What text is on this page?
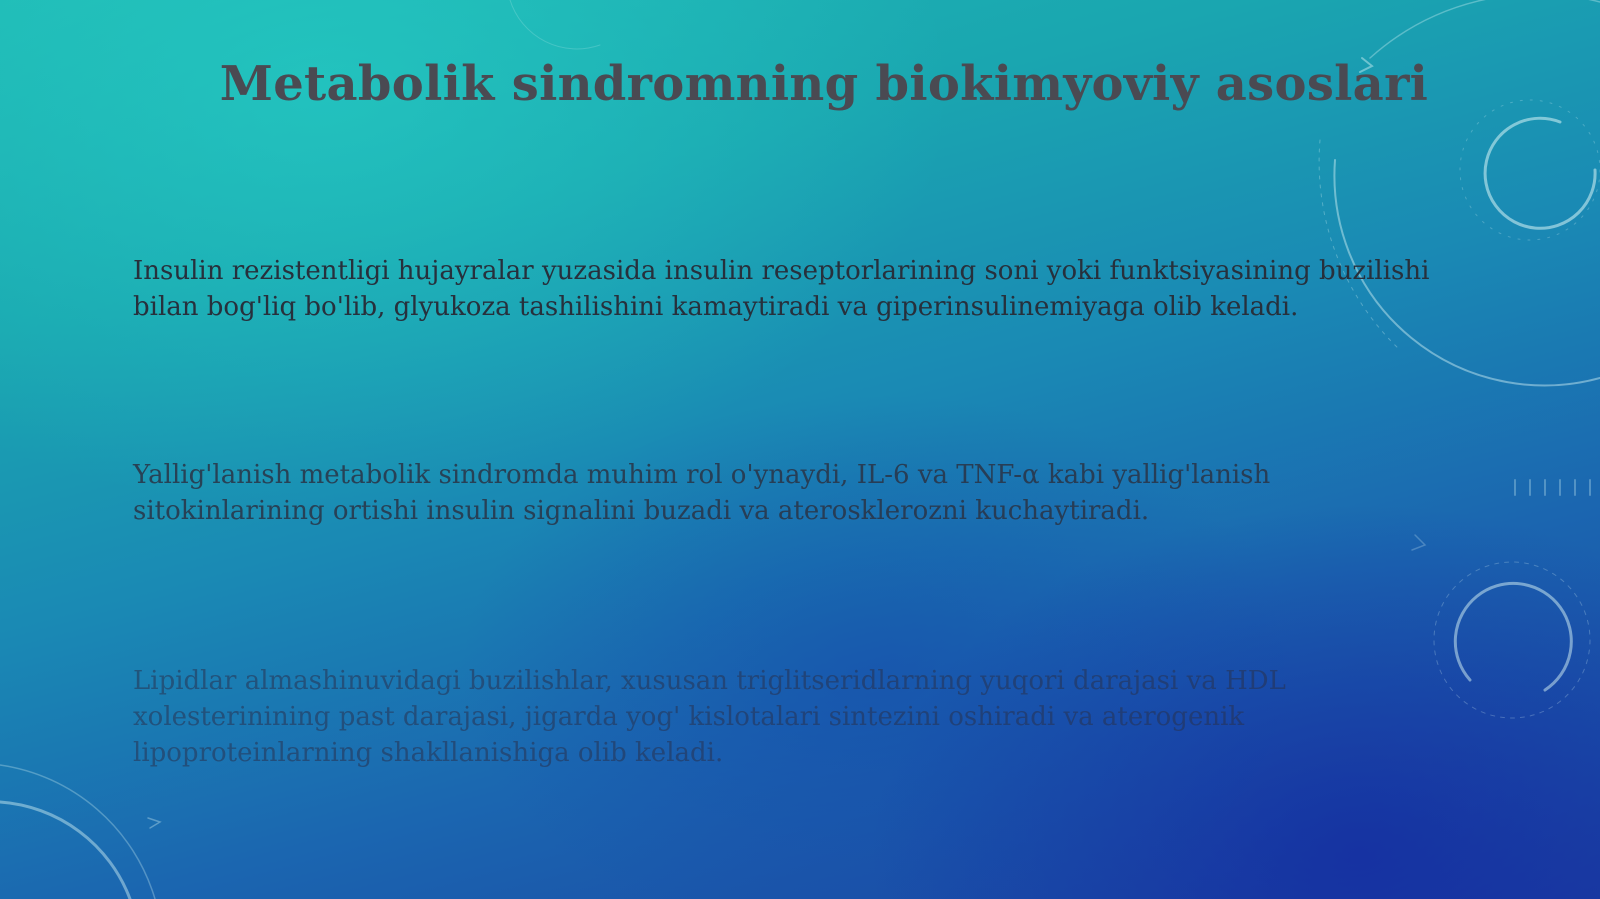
Metabolik sindromning biokimyoviy asoslari

Insulin rezistentligi hujayralar yuzasida insulin reseptorlarining soni yoki funktsiyasining buzilishi bilan bog'liq bo'lib, glyukoza tashilishini kamaytiradi va giperinsulinemiyaga olib keladi.

Yallig'lanish metabolik sindromda muhim rol o'ynaydi, IL-6 va TNF-α kabi yallig'lanish sitokinlarining ortishi insulin signalini buzadi va aterosklerozni kuchaytiradi.

Lipidlar almashinuvidagi buzilishlar, xususan triglitseridlarning yuqori darajasi va HDL xolesterinining past darajasi, jigarda yog' kislotalari sintezini oshiradi va aterogenik lipoproteinlarning shakllanishiga olib keladi.
